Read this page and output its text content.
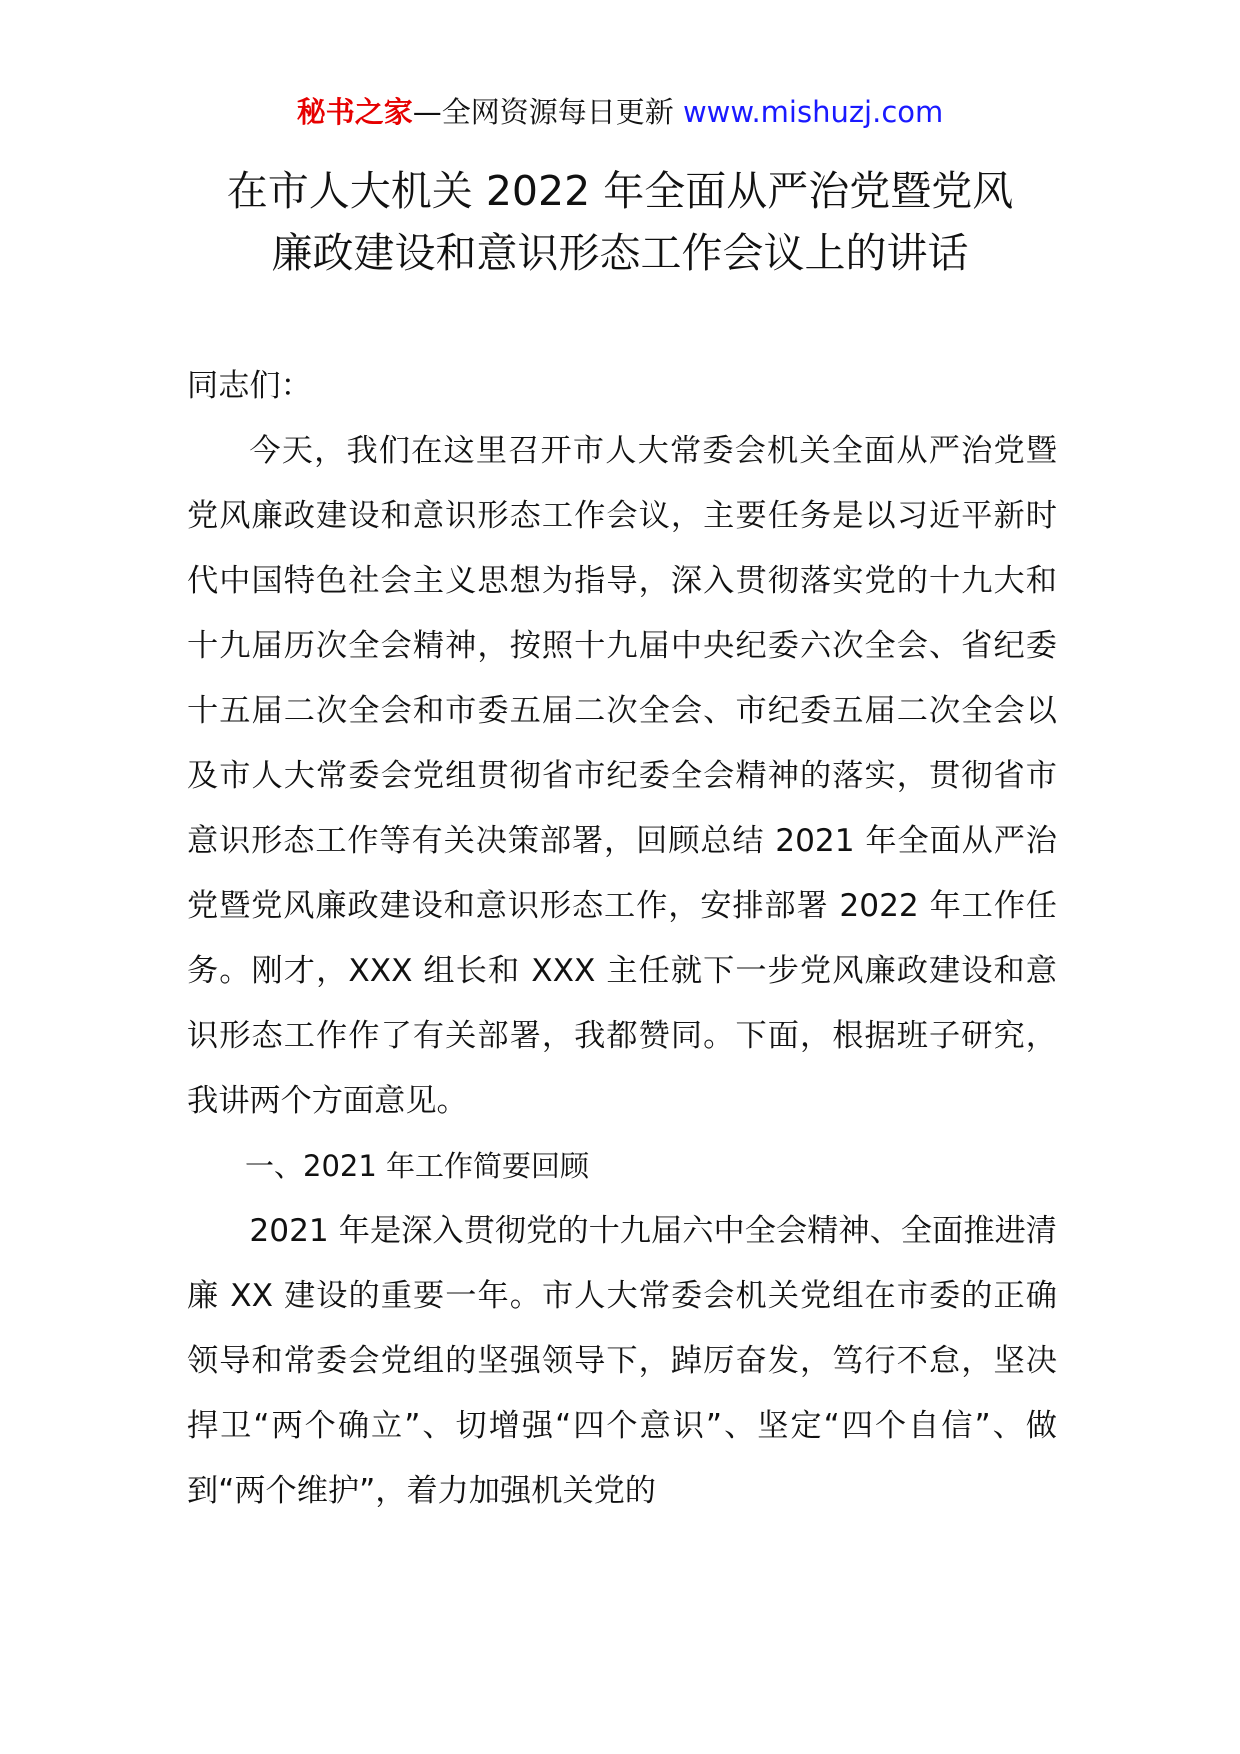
秘书之家—全网资源每日更新 www.mishuzj.com
在市人大机关 2022 年全面从严治党暨党风
廉政建设和意识形态工作会议上的讲话

同志们：

今天，我们在这里召开市人大常委会机关全面从严治党暨党风廉政建设和意识形态工作会议，主要任务是以习近平新时代中国特色社会主义思想为指导，深入贯彻落实党的十九大和十九届历次全会精神，按照十九届中央纪委六次全会、省纪委十五届二次全会和市委五届二次全会、市纪委五届二次全会以及市人大常委会党组贯彻省市纪委全会精神的落实，贯彻省市意识形态工作等有关决策部署，回顾总结 2021 年全面从严治党暨党风廉政建设和意识形态工作，安排部署 2022 年工作任务。刚才，XXX 组长和 XXX 主任就下一步党风廉政建设和意识形态工作作了有关部署，我都赞同。下面，根据班子研究，我讲两个方面意见。

一、2021 年工作简要回顾

2021 年是深入贯彻党的十九届六中全会精神、全面推进清廉 XX 建设的重要一年。市人大常委会机关党组在市委的正确领导和常委会党组的坚强领导下，踔厉奋发，笃行不怠，坚决捍卫“两个确立”、切增强“四个意识”、坚定“四个自信”、做到“两个维护”，着力加强机关党的
